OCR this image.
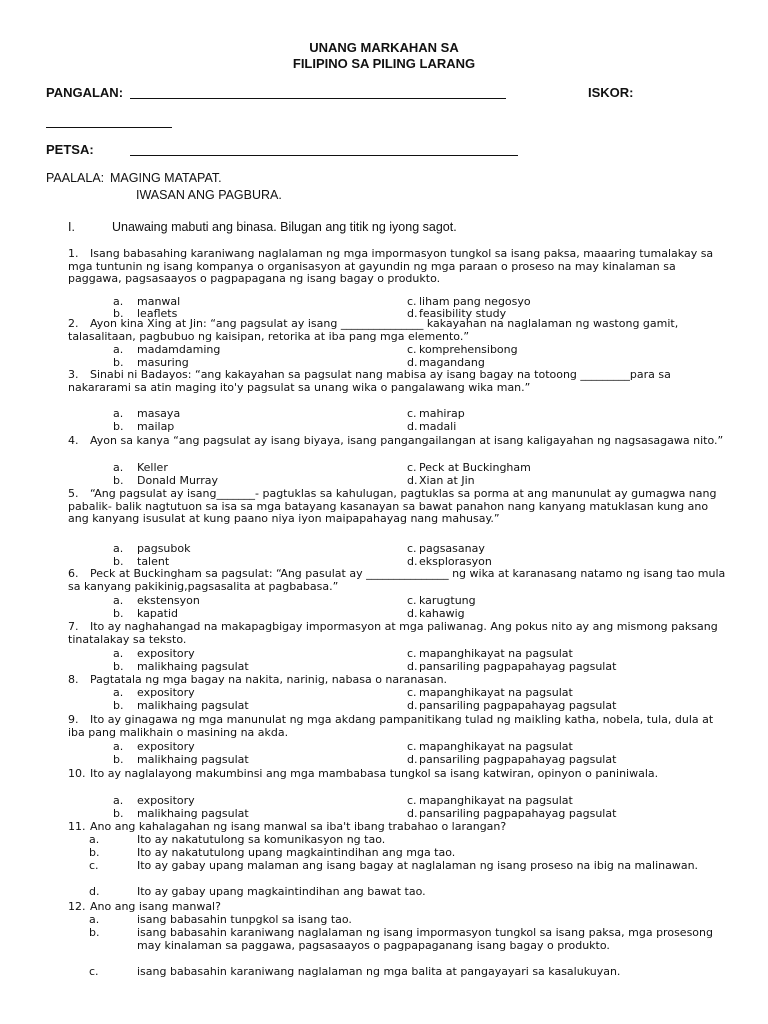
UNANG MARKAHAN SA
FILIPINO SA PILING LARANG
PANGALAN:	ISKOR:
PETSA:
PAALALA: MAGING MATAPAT.
IWASAN ANG PAGBURA.
I.	Unawaing mabuti ang binasa. Bilugan ang titik ng iyong sagot.
1. Isang babasahing karaniwang naglalaman ng mga impormasyon tungkol sa isang paksa, maaaring tumalakay sa mga tuntunin ng isang kompanya o organisasyon at gayundin ng mga paraan o proseso na may kinalaman sa paggawa, pagsasaayos o pagpapagana ng isang bagay o produkto.
a. manwal
b. leaflets
c. liham pang negosyo
d. feasibility study
2. Ayon kina Xing at Jin: “ang pagsulat ay isang _______________ kakayahan na naglalaman ng wastong gamit, talasalitaan, pagbubuo ng kaisipan, retorika at iba pang mga elemento.”
a. madamdaming
b. masuring
c. komprehensibong
d. magandang
3. Sinabi ni Badayos: “ang kakayahan sa pagsulat nang mabisa ay isang bagay na totoong _________para sa nakararami sa atin maging ito'y pagsulat sa unang wika o pangalawang wika man.”
a. masaya
b. mailap
c. mahirap
d. madali
4. Ayon sa kanya “ang pagsulat ay isang biyaya, isang pangangailangan at isang kaligayahan ng nagsasagawa nito.”
a. Keller
b. Donald Murray
c. Peck at Buckingham
d. Xian at Jin
5. “Ang pagsulat ay isang_______- pagtuklas sa kahulugan, pagtuklas sa porma at ang manunulat ay gumagwa nang pabalik- balik nagtutuon sa isa sa mga batayang kasanayan sa bawat panahon nang kanyang matuklasan kung ano ang kanyang isusulat at kung paano niya iyon maipapahayag nang mahusay.”
a. pagsubok
b. talent
c. pagsasanay
d. eksplorasyon
6. Peck at Buckingham sa pagsulat: “Ang pasulat ay _______________ ng wika at karanasang natamo ng isang tao mula sa kanyang pakikinig,pagsasalita at pagbabasa.”
a. ekstensyon
b. kapatid
c. karugtung
d. kahawig
7. Ito ay naghahangad na makapagbigay impormasyon at mga paliwanag. Ang pokus nito ay ang mismong paksang tinatalakay sa teksto.
a. expository
b. malikhaing pagsulat
c. mapanghikayat na pagsulat
d. pansariling pagpapahayag pagsulat
8. Pagtatala ng mga bagay na nakita, narinig, nabasa o naranasan.
a. expository
b. malikhaing pagsulat
c. mapanghikayat na pagsulat
d. pansariling pagpapahayag pagsulat
9. Ito ay ginagawa ng mga manunulat ng mga akdang pampanitikang tulad ng maikling katha, nobela, tula, dula at iba pang malikhain o masining na akda.
a. expository
b. malikhaing pagsulat
c. mapanghikayat na pagsulat
d. pansariling pagpapahayag pagsulat
10. Ito ay naglalayong makumbinsi ang mga mambabasa tungkol sa isang katwiran, opinyon o paniniwala.
a. expository
b. malikhaing pagsulat
c. mapanghikayat na pagsulat
d. pansariling pagpapahayag pagsulat
11. Ano ang kahalagahan ng isang manwal sa iba't ibang trabahao o larangan?
a.	Ito ay nakatutulong sa komunikasyon ng tao.
b.	Ito ay nakatutulong upang magkaintindihan ang mga tao.
c.	Ito ay gabay upang malaman ang isang bagay at naglalaman ng isang proseso na ibig na malinawan.
d.	Ito ay gabay upang magkaintindihan ang bawat tao.
12. Ano ang isang manwal?
a.	isang babasahin tunpgkol sa isang tao.
b.	isang babasahin karaniwang naglalaman ng isang impormasyon tungkol sa isang paksa, mga prosesong may kinalaman sa paggawa, pagsasaayos o pagpapaganang isang bagay o produkto.
c.	isang babasahin karaniwang naglalaman ng mga balita at pangayayari sa kasalukuyan.
